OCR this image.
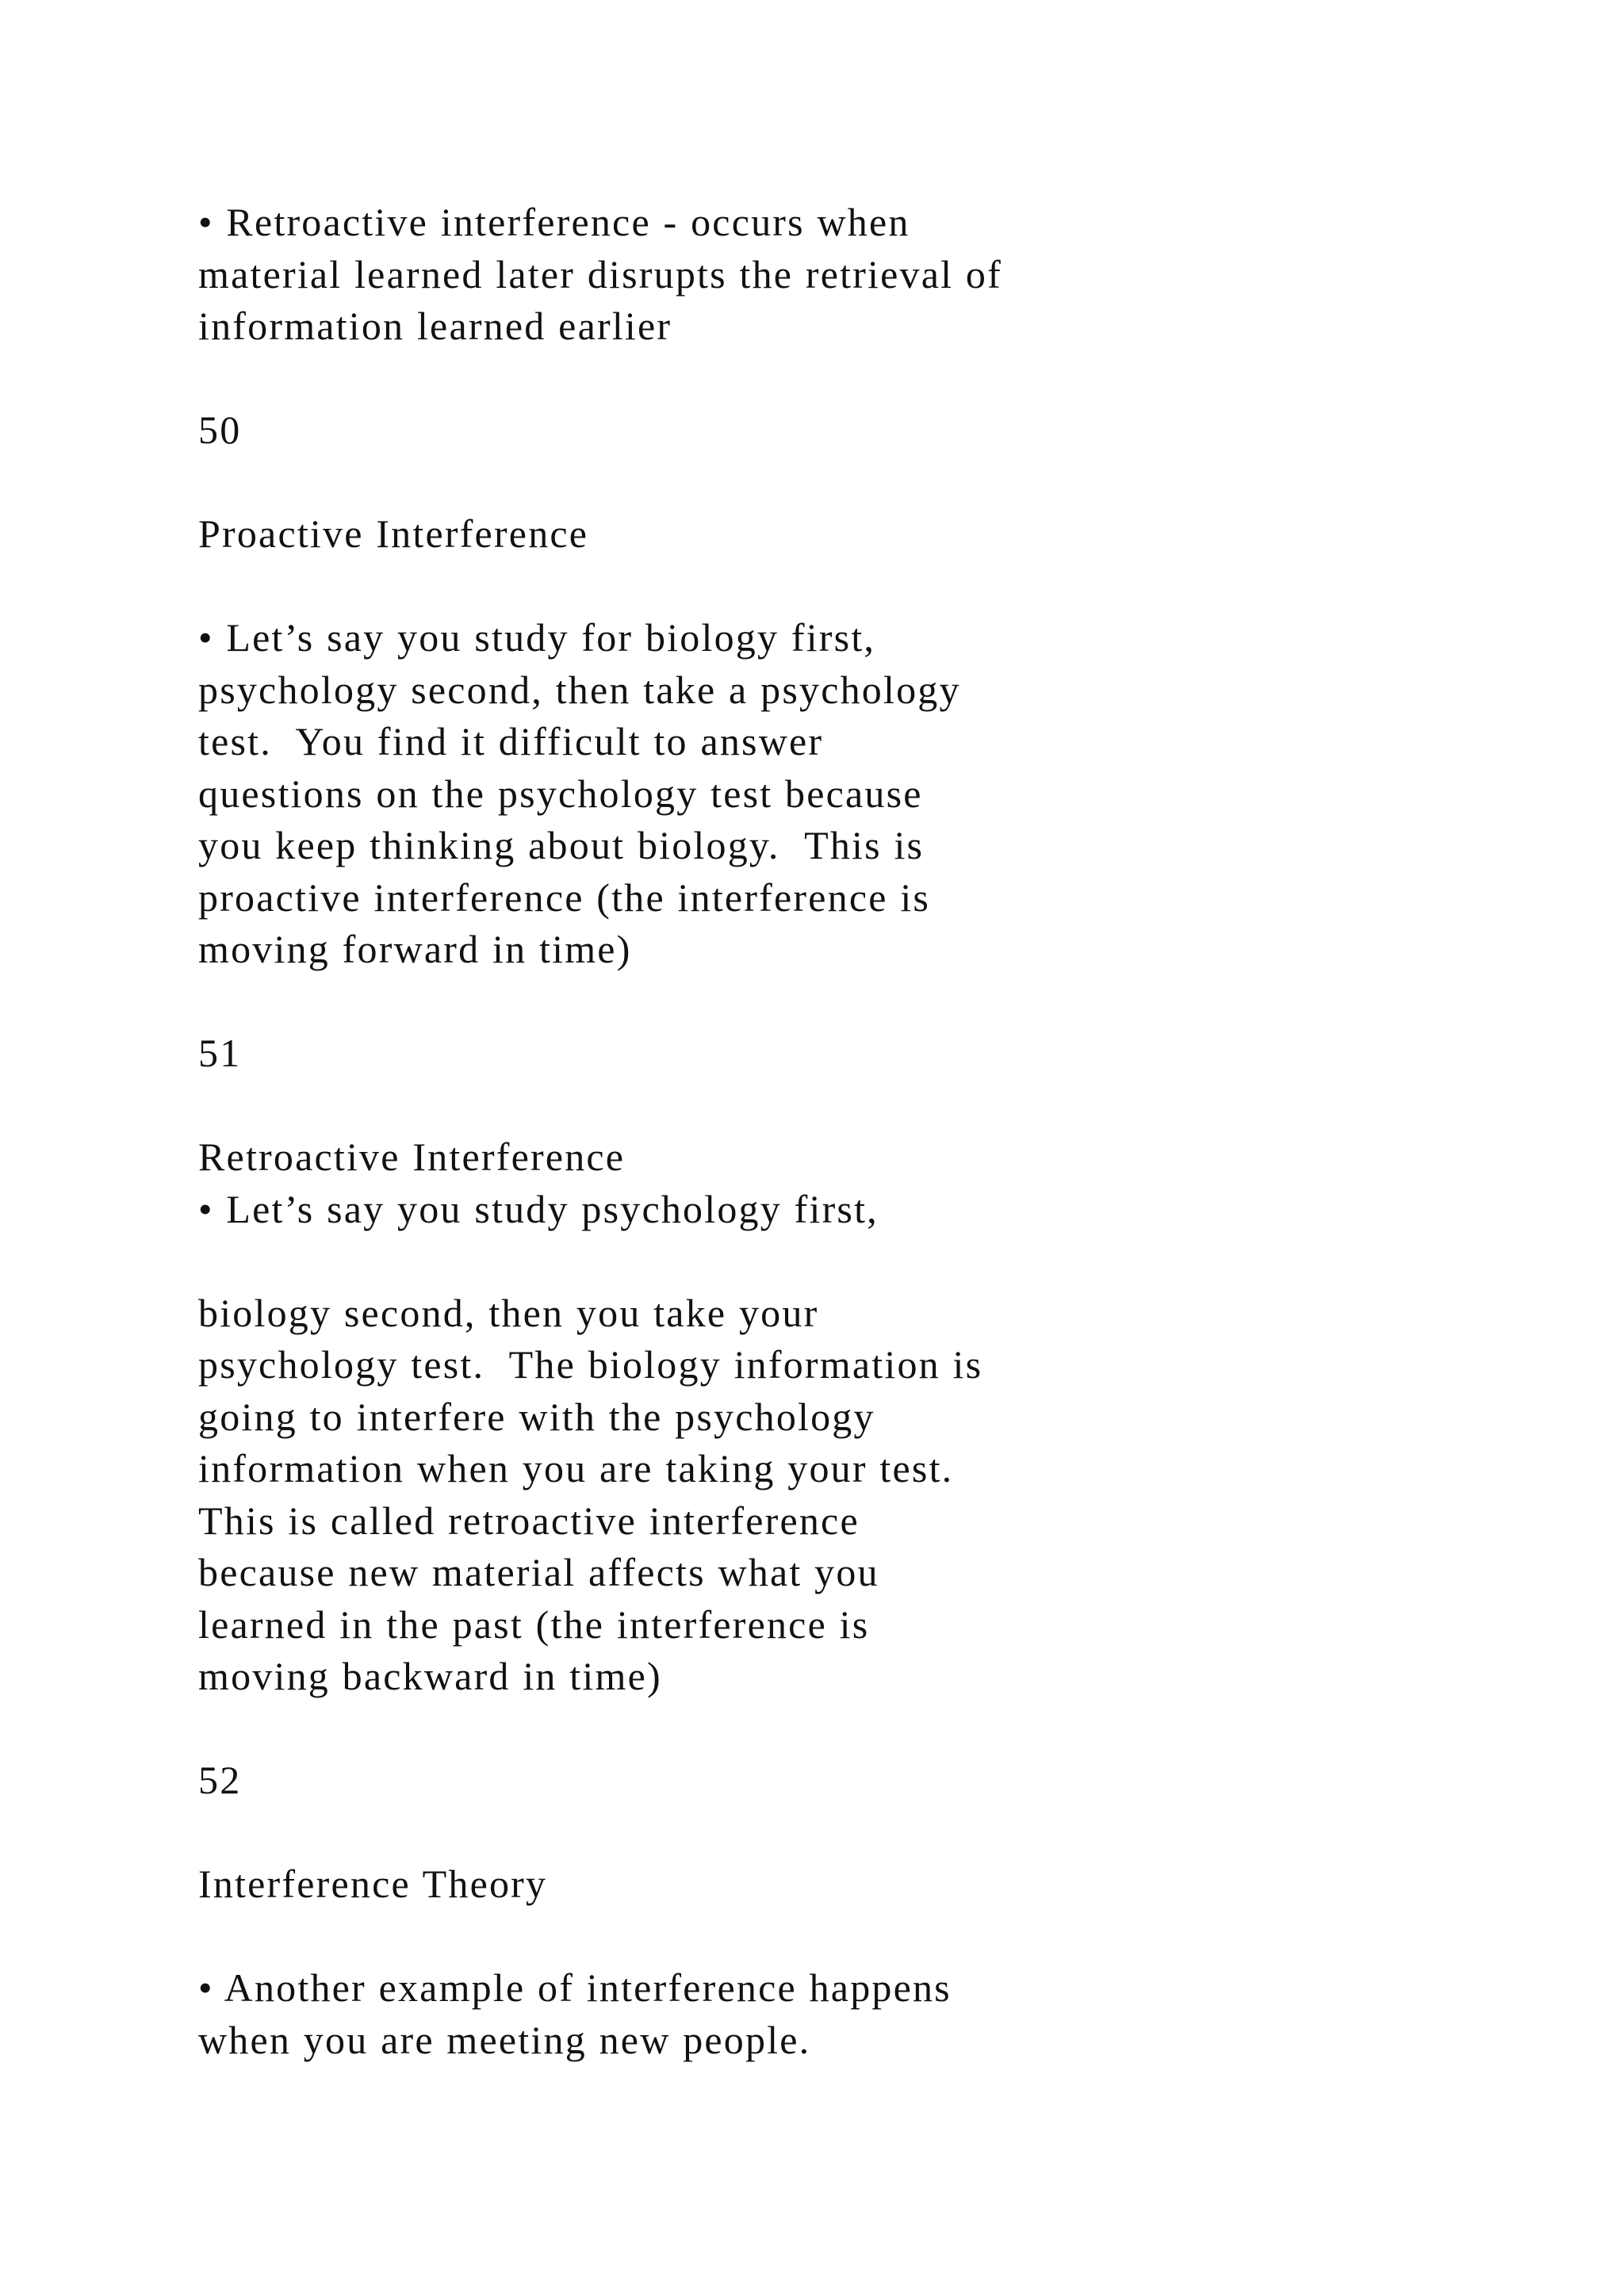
• Retroactive interference - occurs when
material learned later disrupts the retrieval of
information learned earlier
50
Proactive Interference
• Let’s say you study for biology first,
psychology second, then take a psychology
test.  You find it difficult to answer
questions on the psychology test because
you keep thinking about biology.  This is
proactive interference (the interference is
moving forward in time)
51
Retroactive Interference
• Let’s say you study psychology first,
biology second, then you take your
psychology test.  The biology information is
going to interfere with the psychology
information when you are taking your test.
This is called retroactive interference
because new material affects what you
learned in the past (the interference is
moving backward in time)
52
Interference Theory
• Another example of interference happens
when you are meeting new people.
